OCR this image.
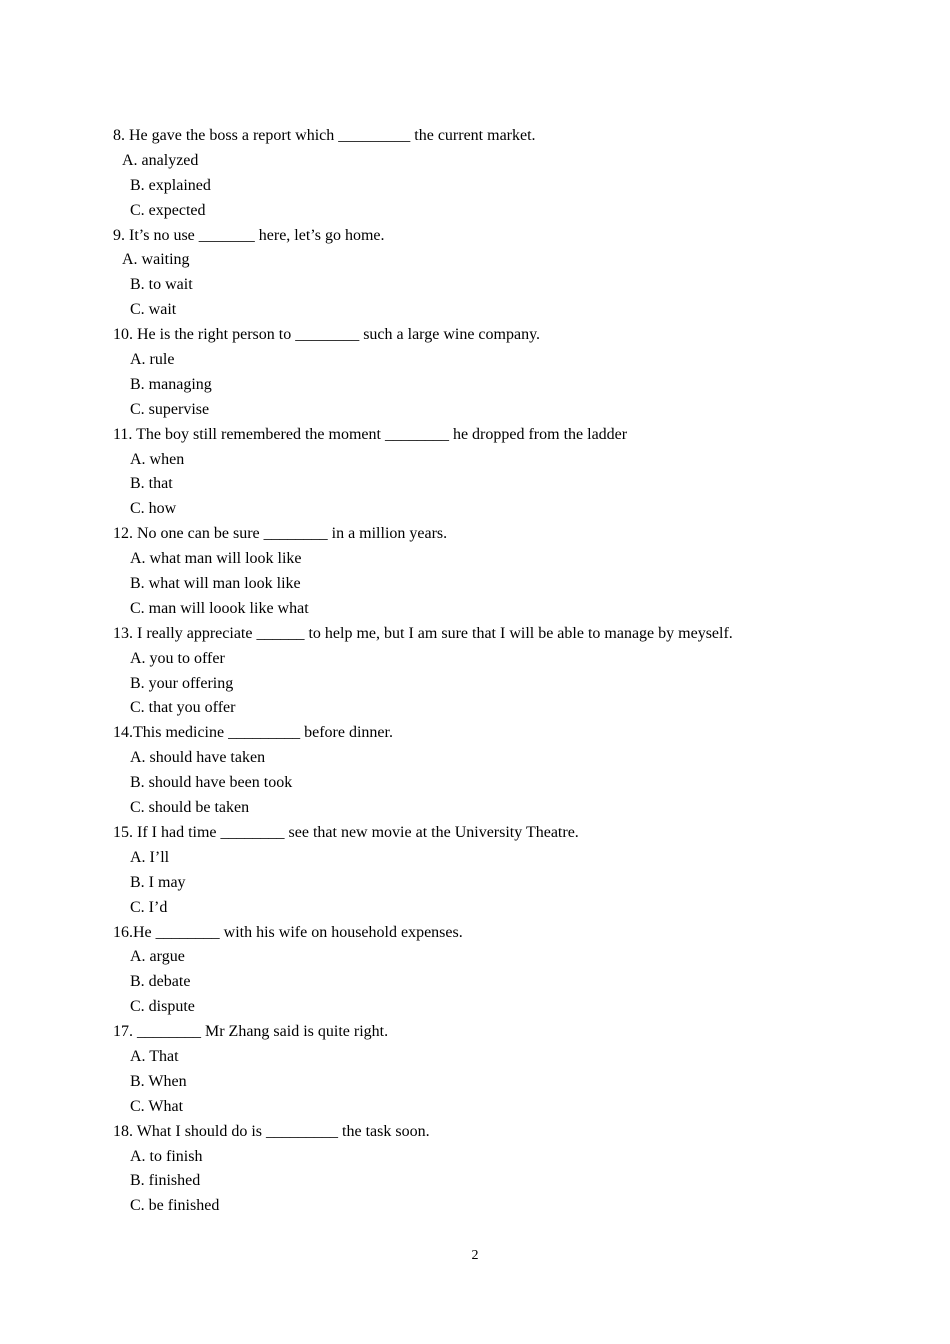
8. He gave the boss a report which _________ the current market.
A. analyzed
B. explained
C. expected
9. It’s no use _______ here, let’s go home.
A. waiting
B. to wait
C. wait
10. He is the right person to ________ such a large wine company.
A. rule
B. managing
C. supervise
11. The boy still remembered the moment ________ he dropped from the ladder
A. when
B. that
C. how
12. No one can be sure ________ in a million years.
A. what man will look like
B. what will man look like
C. man will loook like what
13. I really appreciate ______ to help me, but I am sure that I will be able to manage by meyself.
A. you to offer
B. your offering
C. that you offer
14.This medicine _________ before dinner.
A. should have taken
B. should have been took
C. should be taken
15. If I had time ________ see that new movie at the University Theatre.
A. I’ll
B. I may
C. I’d
16.He ________ with his wife on household expenses.
A. argue
B. debate
C. dispute
17. ________ Mr Zhang said is quite right.
A. That
B. When
C. What
18. What I should do is _________ the task soon.
A. to finish
B. finished
C. be finished
2
